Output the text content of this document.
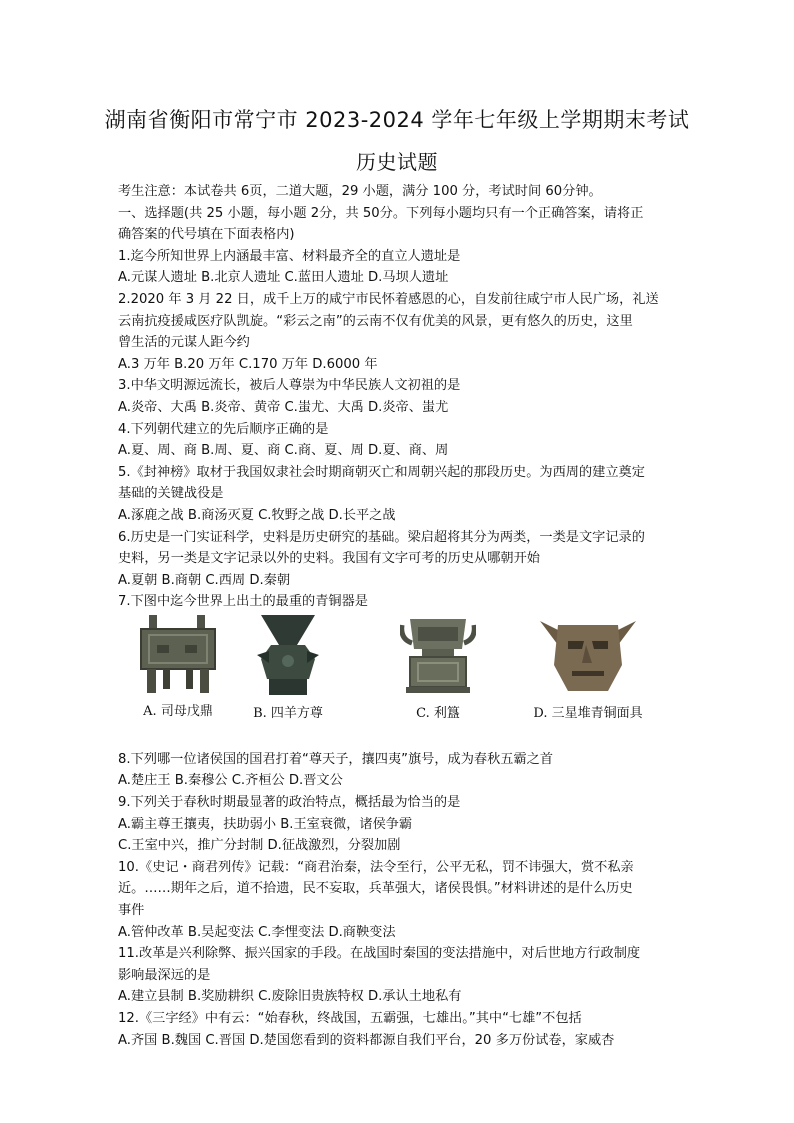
湖南省衡阳市常宁市 2023-2024 学年七年级上学期期末考试
历史试题
考生注意：本试卷共 6页，二道大题，29 小题，满分 100 分，考试时间 60分钟。
一、选择题(共 25 小题，每小题 2分，共 50分。下列每小题均只有一个正确答案，请将正
确答案的代号填在下面表格内)
1.迄今所知世界上内涵最丰富、材料最齐全的直立人遗址是
A.元谋人遗址 B.北京人遗址 C.蓝田人遗址 D.马坝人遗址
2.2020 年 3 月 22 日，成千上万的咸宁市民怀着感恩的心，自发前往咸宁市人民广场，礼送
云南抗疫援咸医疗队凯旋。“彩云之南”的云南不仅有优美的风景，更有悠久的历史，这里
曾生活的元谋人距今约
A.3 万年 B.20 万年 C.170 万年 D.6000 年
3.中华文明源远流长，被后人尊崇为中华民族人文初祖的是
A.炎帝、大禹 B.炎帝、黄帝 C.蚩尤、大禹 D.炎帝、蚩尤
4.下列朝代建立的先后顺序正确的是
A.夏、周、商 B.周、夏、商 C.商、夏、周 D.夏、商、周
5.《封神榜》取材于我国奴隶社会时期商朝灭亡和周朝兴起的那段历史。为西周的建立奠定
基础的关键战役是
A.涿鹿之战 B.商汤灭夏 C.牧野之战 D.长平之战
6.历史是一门实证科学，史料是历史研究的基础。梁启超将其分为两类，一类是文字记录的
史料，另一类是文字记录以外的史料。我国有文字可考的历史从哪朝开始
A.夏朝 B.商朝 C.西周 D.秦朝
7.下图中迄今世界上出土的最重的青铜器是
A. 司母戊鼎	B. 四羊方尊	C. 利簋	D. 三星堆青铜面具
8.下列哪一位诸侯国的国君打着“尊天子，攘四夷”旗号，成为春秋五霸之首
A.楚庄王 B.秦穆公 C.齐桓公 D.晋文公
9.下列关于春秋时期最显著的政治特点，概括最为恰当的是
A.霸主尊王攘夷，扶助弱小 B.王室衰微，诸侯争霸
C.王室中兴，推广分封制 D.征战激烈，分裂加剧
10.《史记・商君列传》记载：“商君治秦，法令至行，公平无私，罚不讳强大，赏不私亲
近。……期年之后，道不拾遗，民不妄取，兵革强大，诸侯畏惧。”材料讲述的是什么历史
事件
A.管仲改革 B.吴起变法 C.李悝变法 D.商鞅变法
11.改革是兴利除弊、振兴国家的手段。在战国时秦国的变法措施中，对后世地方行政制度
影响最深远的是
A.建立县制 B.奖励耕织 C.废除旧贵族特权 D.承认土地私有
12.《三字经》中有云：“始春秋，终战国，五霸强，七雄出。”其中“七雄”不包括
A.齐国 B.魏国 C.晋国 D.楚国您看到的资料都源自我们平台，20 多万份试卷，家威杏
